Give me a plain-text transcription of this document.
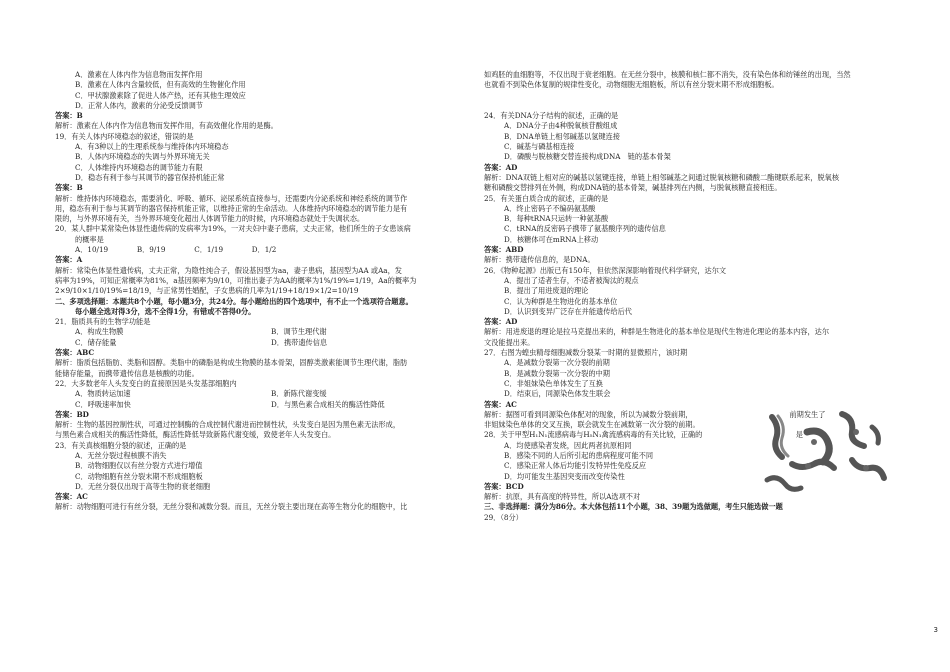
A．激素在人体内作为信息物而发挥作用
B．激素在人体内含量较低，但有高效的生物催化作用
C．甲状腺激素除了促进人体产热，还有其他生理效应
D．正常人体内，激素的分泌受反馈调节
答案：B
解析：激素在人体内作为信息物而发挥作用，有高效催化作用的是酶。
19．有关人体内环境稳态的叙述，错误的是
A．有3种以上的生理系统参与维持体内环境稳态
B．人体内环境稳态的失调与外界环境无关
C．人体维持内环境稳态的调节能力有限
D．稳态有利于参与其调节的器官保持机能正常
答案：B
解析：维持体内环境稳态，需要消化、呼吸、循环、泌尿系统直接参与，还需要内分泌系统和神经系统的调节作
用，稳态有利于参与其调节的器官保持机能正常，以维持正常的生命活动。人体维持内环境稳态的调节能力是有
限的，与外界环境有关，当外界环境变化超出人体调节能力的时候，内环境稳态就处于失调状态。
20．某人群中某常染色体显性遗传病的发病率为19%，一对夫妇中妻子患病，丈夫正常，他们所生的子女患该病
的概率是
A．10/19　　　　B．9/19　　　　C．1/19　　　　D．1/2
答案：A
解析：常染色体显性遗传病，丈夫正常，为隐性纯合子，假设基因型为aa，妻子患病，基因型为AA 或Aa，发
病率为19%，可知正常概率为81%，a基因频率为9/10，可推出妻子为AA的概率为1%/19%=1/19，Aa的概率为
2×9/10×1/10/19%=18/19，与正常男性婚配，子女患病的几率为1/19+18/19×1/2=10/19
二、多项选择题：本题共8个小题，每小题3分，共24分。每小题给出的四个选项中，有不止一个选项符合题意。
每小题全选对得3分，选不全得1分，有错或不答得0分。
21．脂质具有的生物学功能是
A．构成生物膜	B．调节生理代谢
C．储存能量	D．携带遗传信息
答案：ABC
解析：脂质包括脂肪、类脂和固醇。类脂中的磷脂是构成生物膜的基本骨架，固醇类激素能调节生理代谢，脂肪
能储存能量，而携带遗传信息是核酸的功能。
22．大多数老年人头发变白的直接原因是头发基部细胞内
A．物质转运加速	B．新陈代谢变缓
C．呼吸速率加快	D．与黑色素合成相关的酶活性降低
答案：BD
解析：生物的基因控制性状，可通过控制酶的合成控制代谢进而控制性状，头发变白是因为黑色素无法形成，
与黑色素合成相关的酶活性降低，酶活性降低导致新陈代谢变缓，致使老年人头发变白。
23．有关真核细胞分裂的叙述，正确的是
A．无丝分裂过程核膜不消失
B．动物细胞仅以有丝分裂方式进行增值
C．动物细胞有丝分裂末期不形成细胞板
D．无丝分裂仅出现于高等生物的衰老细胞
答案：AC
解析：动物细胞可进行有丝分裂，无丝分裂和减数分裂。而且，无丝分裂主要出现在高等生物分化的细胞中，比
如鸡胚的血细胞等，不仅出现于衰老细胞。在无丝分裂中，核膜和核仁都不消失，没有染色体和纺锤丝的出现，当然
也就看不到染色体复制的规律性变化，动物细胞无细胞板，所以有丝分裂末期不形成细胞板。

24．有关DNA分子结构的叙述，正确的是
A．DNA分子由4种脱氧核苷酸组成
B．DNA单链上相邻碱基以氢键连接
C．碱基与磷基相连接
D．磷酸与脱核糖交替连接构成DNA　链的基本骨架
答案：AD
解析：DNA双链上相对应的碱基以氢键连接，单链上相邻碱基之间通过脱氧核糖和磷酸二酯键联系起来，脱氧核
糖和磷酸交替排列在外侧，构成DNA链的基本骨架，碱基排列在内侧，与脱氧核糖直接相连。
25．有关蛋白质合成的叙述，正确的是
A．终止密码子不编码氨基酸
B．每种tRNA只运转一种氨基酸
C．tRNA的反密码子携带了氨基酸序列的遗传信息
D．核糖体可在mRNA上移动
答案：ABD
解析：携带遗传信息的，是DNA。
26．《物种起源》出版已有150年，但依然深深影响着现代科学研究，达尔文
A．提出了适者生存，不适者被淘汰的观点
B．提出了用进废退的理论
C．认为种群是生物进化的基本单位
D．认识到变异广泛存在并能遗传给后代
答案：AD
解析：用进废退的理论是拉马克提出来的，种群是生物进化的基本单位是现代生物进化理论的基本内容，达尔
文没能提出来。
27．右图为蝗虫精母细胞减数分裂某一时期的显微照片，该时期
A．是减数分裂第一次分裂的前期
B．是减数分裂第一次分裂的中期
C．非姐妹染色单体发生了互换
D．结束后，同源染色体发生联会
答案：AC
解析：据图可看到同源染色体配对的现象，所以为减数分裂前期，　　　　　　　　　　　　　　前期发生了
非姐妹染色单体的交叉互换，联会就发生在减数第一次分裂的前期。
28．关于甲型H₁N₁流感病毒与H₅N₁禽流感病毒的有关比较，正确的　　　　　　　　　　　　　是
A．均使感染者发烧，因此两者抗原相同
B．感染不同的人后所引起的患病程度可能不同
C．感染正常人体后均能引发特异性免疫反应
D．均可能发生基因突变而改变传染性
答案：BCD
解析：抗原，具有高度的特异性，所以A选项不对
三、非选择题：满分为86分。本大体包括11个小题，38、39题为选做题，考生只能选做一题
29．（8分）
3
